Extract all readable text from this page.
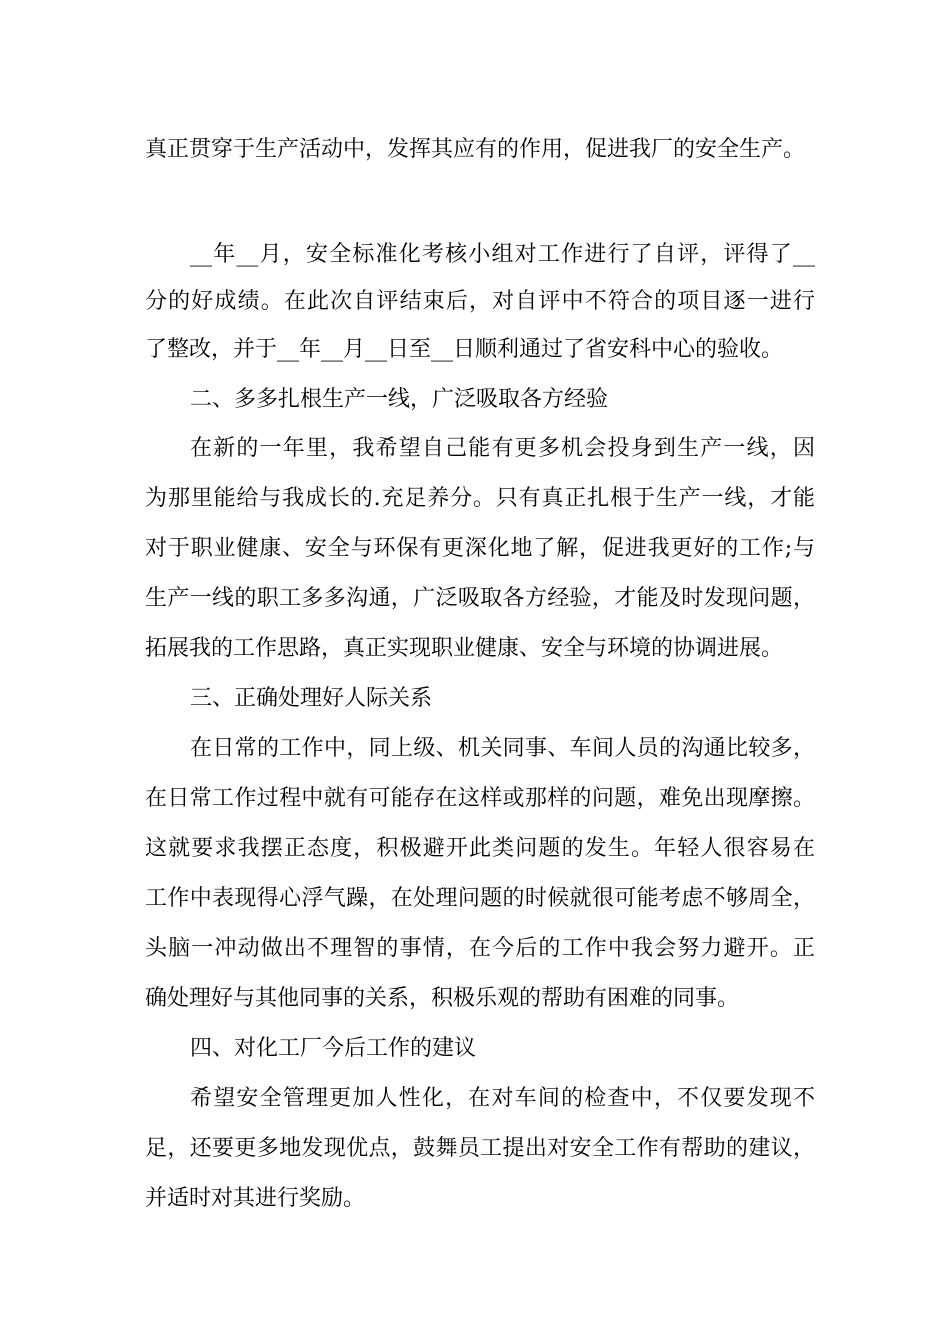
真正贯穿于生产活动中，发挥其应有的作用，促进我厂的安全生产。
__年__月，安全标准化考核小组对工作进行了自评，评得了__
分的好成绩。在此次自评结束后，对自评中不符合的项目逐一进行
了整改，并于__年__月__日至__日顺利通过了省安科中心的验收。
二、多多扎根生产一线，广泛吸取各方经验
在新的一年里，我希望自己能有更多机会投身到生产一线，因
为那里能给与我成长的.充足养分。只有真正扎根于生产一线，才能
对于职业健康、安全与环保有更深化地了解，促进我更好的工作;与
生产一线的职工多多沟通，广泛吸取各方经验，才能及时发现问题，
拓展我的工作思路，真正实现职业健康、安全与环境的协调进展。
三、正确处理好人际关系
在日常的工作中，同上级、机关同事、车间人员的沟通比较多，
在日常工作过程中就有可能存在这样或那样的问题，难免出现摩擦。
这就要求我摆正态度，积极避开此类问题的发生。年轻人很容易在
工作中表现得心浮气躁，在处理问题的时候就很可能考虑不够周全，
头脑一冲动做出不理智的事情，在今后的工作中我会努力避开。正
确处理好与其他同事的关系，积极乐观的帮助有困难的同事。
四、对化工厂今后工作的建议
希望安全管理更加人性化，在对车间的检查中，不仅要发现不
足，还要更多地发现优点，鼓舞员工提出对安全工作有帮助的建议，
并适时对其进行奖励。
